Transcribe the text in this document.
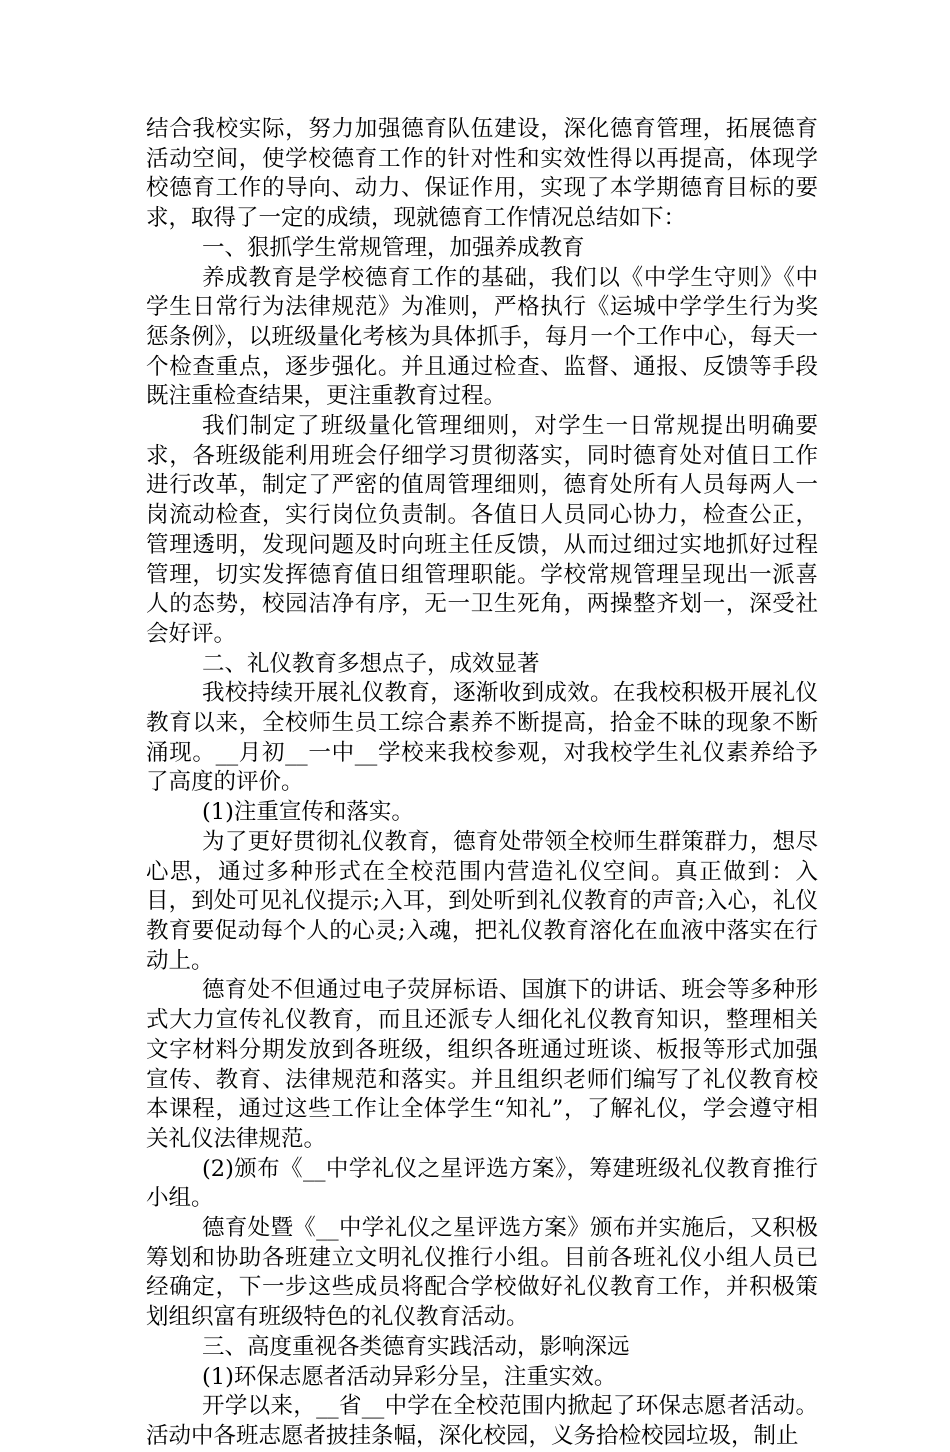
结合我校实际，努力加强德育队伍建设，深化德育管理，拓展德育活动空间，使学校德育工作的针对性和实效性得以再提高，体现学校德育工作的导向、动力、保证作用，实现了本学期德育目标的要求，取得了一定的成绩，现就德育工作情况总结如下：

一、狠抓学生常规管理，加强养成教育

养成教育是学校德育工作的基础，我们以《中学生守则》《中学生日常行为法律规范》为准则，严格执行《运城中学学生行为奖惩条例》，以班级量化考核为具体抓手，每月一个工作中心，每天一个检查重点，逐步强化。并且通过检查、监督、通报、反馈等手段既注重检查结果，更注重教育过程。

我们制定了班级量化管理细则，对学生一日常规提出明确要求，各班级能利用班会仔细学习贯彻落实，同时德育处对值日工作进行改革，制定了严密的值周管理细则，德育处所有人员每两人一岗流动检查，实行岗位负责制。各值日人员同心协力，检查公正，管理透明，发现问题及时向班主任反馈，从而过细过实地抓好过程管理，切实发挥德育值日组管理职能。学校常规管理呈现出一派喜人的态势，校园洁净有序，无一卫生死角，两操整齐划一，深受社会好评。

二、礼仪教育多想点子，成效显著

我校持续开展礼仪教育，逐渐收到成效。在我校积极开展礼仪教育以来，全校师生员工综合素养不断提高，拾金不昧的现象不断涌现。__月初__一中__学校来我校参观，对我校学生礼仪素养给予了高度的评价。

(1)注重宣传和落实。

为了更好贯彻礼仪教育，德育处带领全校师生群策群力，想尽心思，通过多种形式在全校范围内营造礼仪空间。真正做到：入目，到处可见礼仪提示;入耳，到处听到礼仪教育的声音;入心，礼仪教育要促动每个人的心灵;入魂，把礼仪教育溶化在血液中落实在行动上。

德育处不但通过电子荧屏标语、国旗下的讲话、班会等多种形式大力宣传礼仪教育，而且还派专人细化礼仪教育知识，整理相关文字材料分期发放到各班级，组织各班通过班谈、板报等形式加强宣传、教育、法律规范和落实。并且组织老师们编写了礼仪教育校本课程，通过这些工作让全体学生“知礼”，了解礼仪，学会遵守相关礼仪法律规范。

(2)颁布《__中学礼仪之星评选方案》，筹建班级礼仪教育推行小组。

德育处暨《__中学礼仪之星评选方案》颁布并实施后，又积极筹划和协助各班建立文明礼仪推行小组。目前各班礼仪小组人员已经确定，下一步这些成员将配合学校做好礼仪教育工作，并积极策划组织富有班级特色的礼仪教育活动。

三、高度重视各类德育实践活动，影响深远

(1)环保志愿者活动异彩分呈，注重实效。

开学以来，__省__中学在全校范围内掀起了环保志愿者活动。活动中各班志愿者披挂条幅，深化校园，义务拾检校园垃圾，制止
